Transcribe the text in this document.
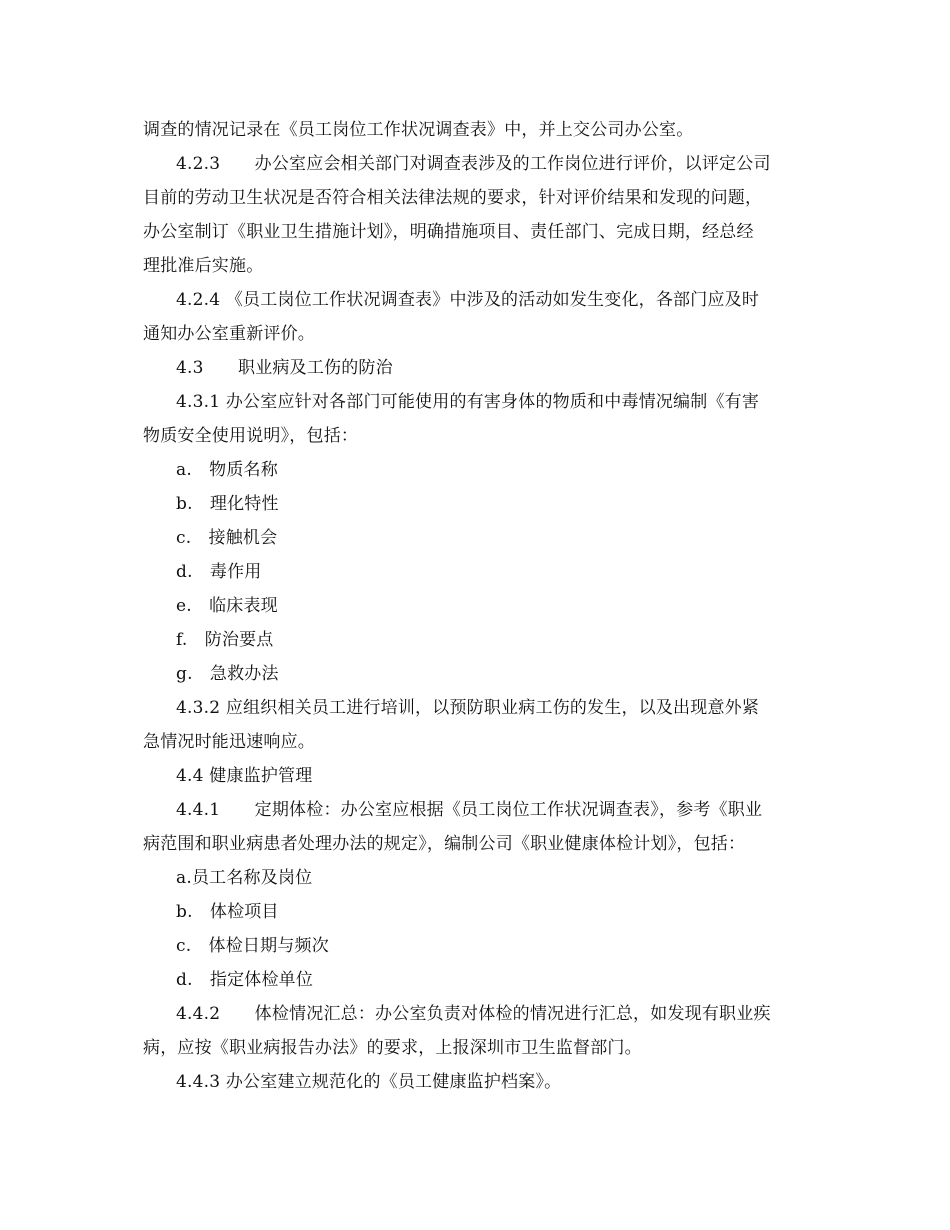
调查的情况记录在《员工岗位工作状况调查表》中，并上交公司办公室。
4.2.3　　办公室应会相关部门对调查表涉及的工作岗位进行评价，以评定公司
目前的劳动卫生状况是否符合相关法律法规的要求，针对评价结果和发现的问题，
办公室制订《职业卫生措施计划》，明确措施项目、责任部门、完成日期，经总经
理批准后实施。
4.2.4 《员工岗位工作状况调查表》中涉及的活动如发生变化，各部门应及时
通知办公室重新评价。
4.3　　职业病及工伤的防治
4.3.1 办公室应针对各部门可能使用的有害身体的物质和中毒情况编制《有害
物质安全使用说明》，包括：
a.　物质名称
b.　理化特性
c.　接触机会
d.　毒作用
e.　临床表现
f.　防治要点
g.　急救办法
4.3.2 应组织相关员工进行培训，以预防职业病工伤的发生，以及出现意外紧
急情况时能迅速响应。
4.4 健康监护管理
4.4.1　　定期体检：办公室应根据《员工岗位工作状况调查表》，参考《职业
病范围和职业病患者处理办法的规定》，编制公司《职业健康体检计划》，包括：
a.员工名称及岗位
b.　体检项目
c.　体检日期与频次
d.　指定体检单位
4.4.2　　体检情况汇总：办公室负责对体检的情况进行汇总，如发现有职业疾
病，应按《职业病报告办法》的要求，上报深圳市卫生监督部门。
4.4.3 办公室建立规范化的《员工健康监护档案》。
